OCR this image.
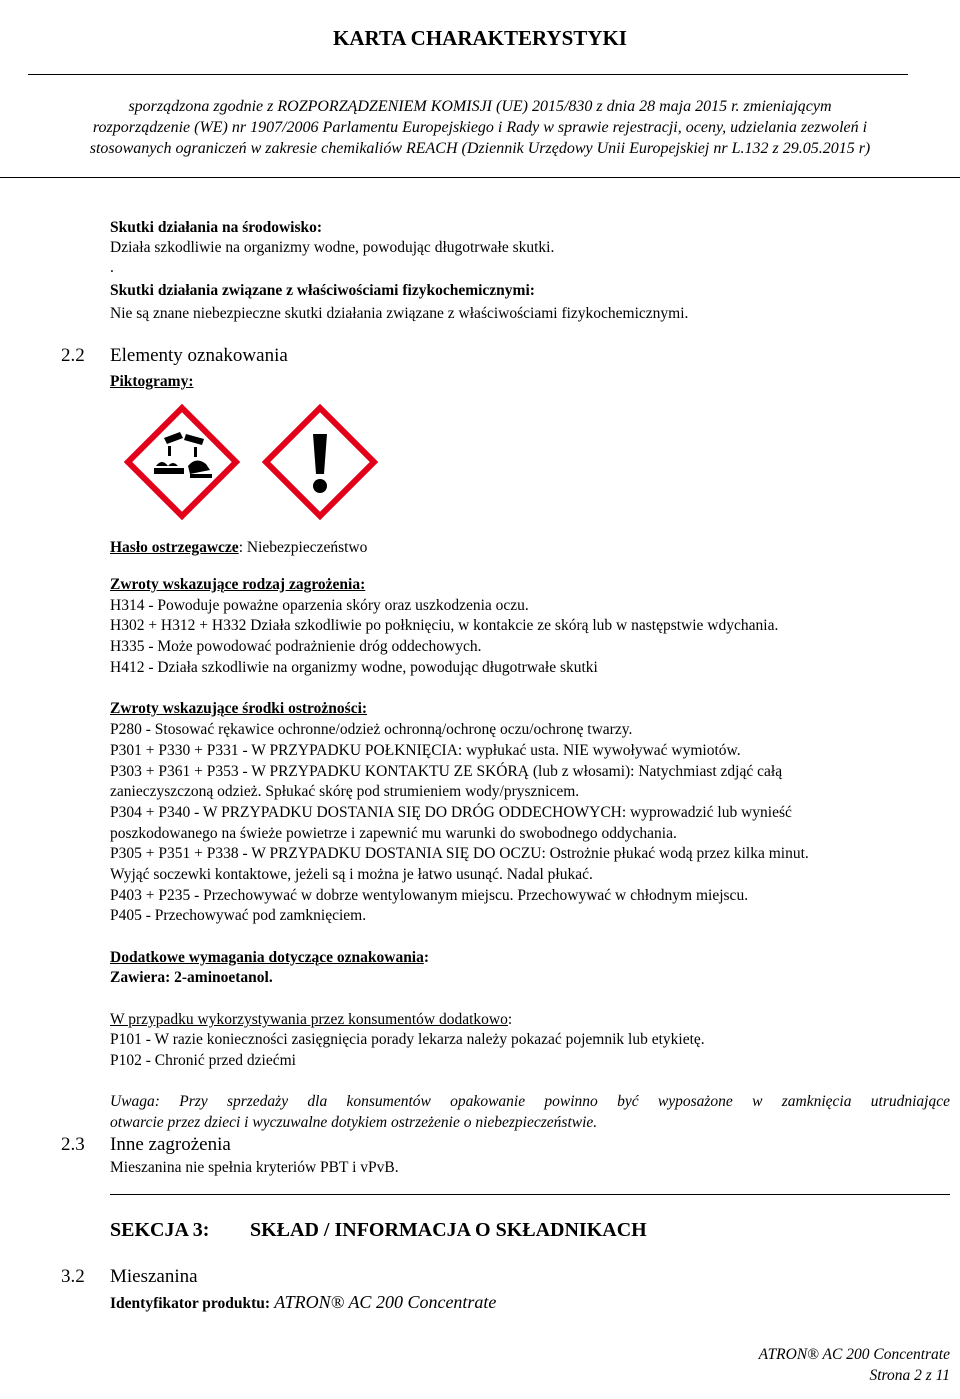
KARTA CHARAKTERYSTYKI
sporządzona zgodnie z ROZPORZĄDZENIEM KOMISJI (UE) 2015/830 z dnia 28 maja 2015 r. zmieniającym
rozporządzenie (WE) nr 1907/2006 Parlamentu Europejskiego i Rady w sprawie rejestracji, oceny, udzielania zezwoleń i
stosowanych ograniczeń w zakresie chemikaliów REACH (Dziennik Urzędowy Unii Europejskiej nr L.132 z 29.05.2015 r)
Skutki działania na środowisko:
Działa szkodliwie na organizmy wodne, powodując długotrwałe skutki.
.
Skutki działania związane z właściwościami fizykochemicznymi:
Nie są znane niebezpieczne skutki działania związane z właściwościami fizykochemicznymi.
2.2 Elementy oznakowania
Piktogramy:
Hasło ostrzegawcze: Niebezpieczeństwo
Zwroty wskazujące rodzaj zagrożenia:
H314 - Powoduje poważne oparzenia skóry oraz uszkodzenia oczu.
H302 + H312 + H332 Działa szkodliwie po połknięciu, w kontakcie ze skórą lub w następstwie wdychania.
H335 - Może powodować podrażnienie dróg oddechowych.
H412 - Działa szkodliwie na organizmy wodne, powodując długotrwałe skutki
Zwroty wskazujące środki ostrożności:
P280 - Stosować rękawice ochronne/odzież ochronną/ochronę oczu/ochronę twarzy.
P301 + P330 + P331 - W PRZYPADKU POŁKNIĘCIA: wypłukać usta. NIE wywoływać wymiotów.
P303 + P361 + P353 - W PRZYPADKU KONTAKTU ZE SKÓRĄ (lub z włosami): Natychmiast zdjąć całą
zanieczyszczoną odzież. Spłukać skórę pod strumieniem wody/prysznicem.
P304 + P340 - W PRZYPADKU DOSTANIA SIĘ DO DRÓG ODDECHOWYCH: wyprowadzić lub wynieść
poszkodowanego na świeże powietrze i zapewnić mu warunki do swobodnego oddychania.
P305 + P351 + P338 - W PRZYPADKU DOSTANIA SIĘ DO OCZU: Ostrożnie płukać wodą przez kilka minut.
Wyjąć soczewki kontaktowe, jeżeli są i można je łatwo usunąć. Nadal płukać.
P403 + P235 - Przechowywać w dobrze wentylowanym miejscu. Przechowywać w chłodnym miejscu.
P405 - Przechowywać pod zamknięciem.
Dodatkowe wymagania dotyczące oznakowania:
Zawiera: 2-aminoetanol.
W przypadku wykorzystywania przez konsumentów dodatkowo:
P101 - W razie konieczności zasięgnięcia porady lekarza należy pokazać pojemnik lub etykietę.
P102 - Chronić przed dziećmi
Uwaga: Przy sprzedaży dla konsumentów opakowanie powinno być wyposażone w zamknięcia utrudniające
otwarcie przez dzieci i wyczuwalne dotykiem ostrzeżenie o niebezpieczeństwie.
2.3 Inne zagrożenia
Mieszanina nie spełnia kryteriów PBT i vPvB.
SEKCJA 3: SKŁAD / INFORMACJA O SKŁADNIKACH
3.2 Mieszanina
Identyfikator produktu: ATRON® AC 200 Concentrate
ATRON® AC 200 Concentrate
Strona 2 z 11
